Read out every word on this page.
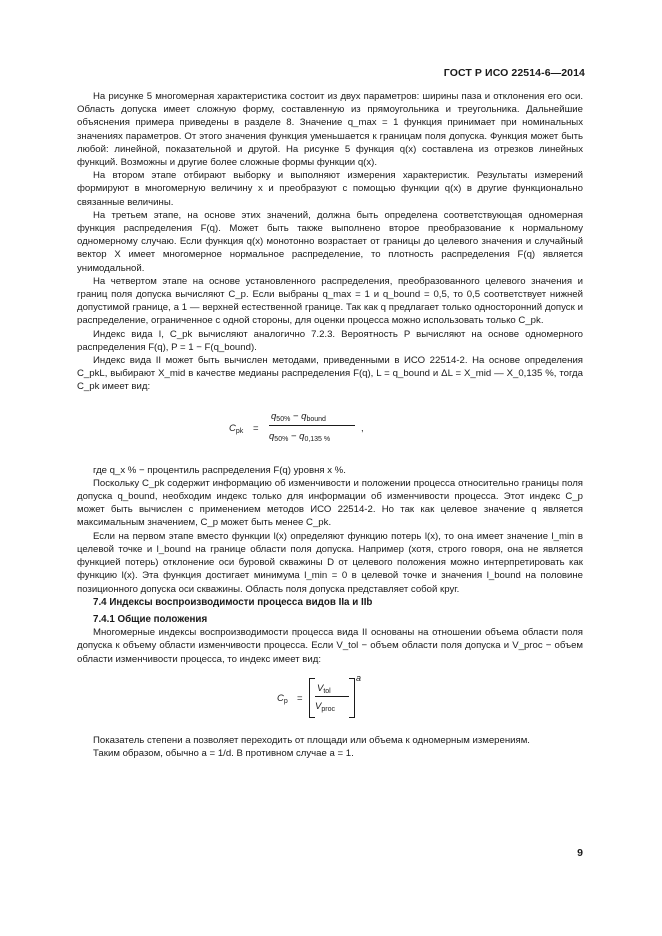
ГОСТ Р ИСО 22514-6—2014

На рисунке 5 многомерная характеристика состоит из двух параметров: ширины паза и отклонения его оси. Область допуска имеет сложную форму, составленную из прямоугольника и треугольника. Дальнейшие объяснения примера приведены в разделе 8. Значение q_max = 1 функция принимает при номинальных значениях параметров. От этого значения функция уменьшается к границам поля допуска. Функция может быть любой: линейной, показательной и другой. На рисунке 5 функция q(x) составлена из отрезков линейных функций. Возможны и другие более сложные формы функции q(x).

На втором этапе отбирают выборку и выполняют измерения характеристик. Результаты измерений формируют в многомерную величину x и преобразуют с помощью функции q(x) в другие функционально связанные величины.

На третьем этапе, на основе этих значений, должна быть определена соответствующая одномерная функция распределения F(q). Может быть также выполнено второе преобразование к нормальному одномерному случаю. Если функция q(x) монотонно возрастает от границы до целевого значения и случайный вектор X имеет многомерное нормальное распределение, то плотность распределения F(q) является унимодальной.

На четвертом этапе на основе установленного распределения, преобразованного целевого значения и границ поля допуска вычисляют C_p. Если выбраны q_max = 1 и q_bound = 0,5, то 0,5 соответствует нижней допустимой границе, а 1 — верхней естественной границе. Так как q предлагает только односторонний допуск и распределение, ограниченное с одной стороны, для оценки процесса можно использовать только C_pk.

Индекс вида I, C_pk вычисляют аналогично 7.2.3. Вероятность P вычисляют на основе одномерного распределения F(q), P = 1 − F(q_bound).

Индекс вида II может быть вычислен методами, приведенными в ИСО 22514-2. На основе определения C_pkL, выбирают X_mid в качестве медианы распределения F(q), L = q_bound и ΔL = X_mid — X_0,135 %, тогда C_pk имеет вид:

$C_{pk}$ =
$q_{50\%} - q_{bound}$
$q_{50\%} - q_{0,135 \%}$
,

где q_x % − процентиль распределения F(q) уровня x %.

Поскольку C_pk содержит информацию об изменчивости и положении процесса относительно границы поля допуска q_bound, необходим индекс только для информации об изменчивости процесса. Этот индекс C_p может быть вычислен с применением методов ИСО 22514-2. Но так как целевое значение q является максимальным значением, C_p может быть менее C_pk.

Если на первом этапе вместо функции l(x) определяют функцию потерь l(x), то она имеет значение l_min в целевой точке и l_bound на границе области поля допуска. Например (хотя, строго говоря, она не является функцией потерь) отклонение оси буровой скважины D от целевого положения можно интерпретировать как функцию l(x). Эта функция достигает минимума l_min = 0 в целевой точке и значения l_bound на половине позиционного допуска оси скважины. Область поля допуска представляет собой круг.

7.4 Индексы воспроизводимости процесса видов IIa и IIb

7.4.1 Общие положения

Многомерные индексы воспроизводимости процесса вида II основаны на отношении объема области поля допуска к объему области изменчивости процесса. Если V_tol − объем области поля допуска и V_proc − объем области изменчивости процесса, то индекс имеет вид:

$C_p$ =
$V_{tol}$
$V_{proc}$
a

Показатель степени a позволяет переходить от площади или объема к одномерным измерениям.

Таким образом, обычно a = 1/d. В противном случае a = 1.

9
